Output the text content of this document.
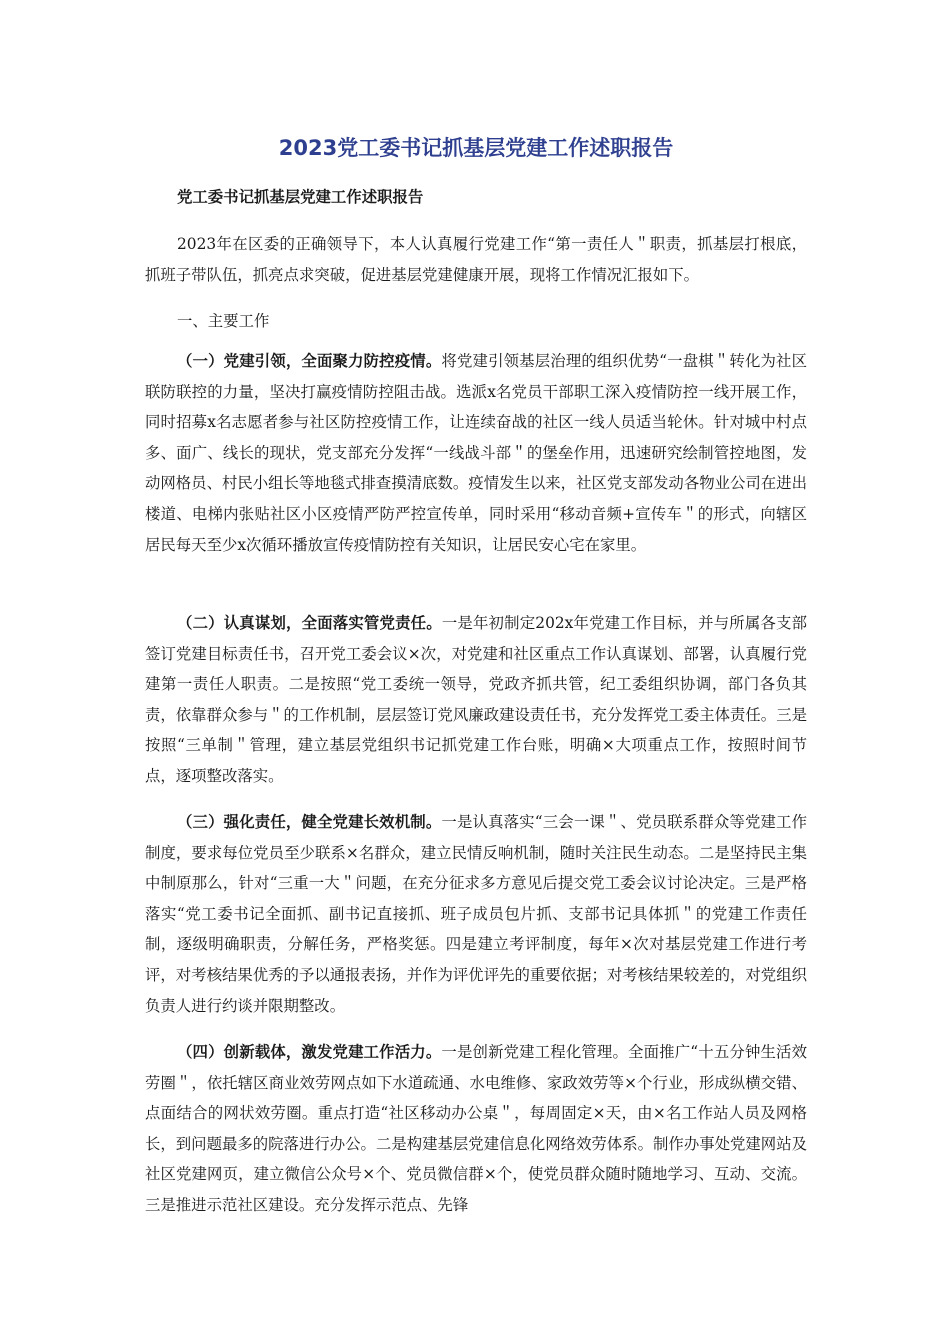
2023党工委书记抓基层党建工作述职报告

党工委书记抓基层党建工作述职报告

2023年在区委的正确领导下，本人认真履行党建工作“第一责任人＂职责，抓基层打根底，抓班子带队伍，抓亮点求突破，促进基层党建健康开展，现将工作情况汇报如下。

一、主要工作

（一）党建引领，全面聚力防控疫情。将党建引领基层治理的组织优势“一盘棋＂转化为社区联防联控的力量，坚决打赢疫情防控阻击战。选派x名党员干部职工深入疫情防控一线开展工作，同时招募x名志愿者参与社区防控疫情工作，让连续奋战的社区一线人员适当轮休。针对城中村点多、面广、线长的现状，党支部充分发挥“一线战斗部＂的堡垒作用，迅速研究绘制管控地图，发动网格员、村民小组长等地毯式排查摸清底数。疫情发生以来，社区党支部发动各物业公司在进出楼道、电梯内张贴社区小区疫情严防严控宣传单，同时采用“移动音频+宣传车＂的形式，向辖区居民每天至少x次循环播放宣传疫情防控有关知识，让居民安心宅在家里。

（二）认真谋划，全面落实管党责任。一是年初制定202x年党建工作目标，并与所属各支部签订党建目标责任书，召开党工委会议×次，对党建和社区重点工作认真谋划、部署，认真履行党建第一责任人职责。二是按照“党工委统一领导，党政齐抓共管，纪工委组织协调，部门各负其责，依靠群众参与＂的工作机制，层层签订党风廉政建设责任书，充分发挥党工委主体责任。三是按照“三单制＂管理，建立基层党组织书记抓党建工作台账，明确×大项重点工作，按照时间节点，逐项整改落实。

（三）强化责任，健全党建长效机制。一是认真落实“三会一课＂、党员联系群众等党建工作制度，要求每位党员至少联系×名群众，建立民情反响机制，随时关注民生动态。二是坚持民主集中制原那么，针对“三重一大＂问题，在充分征求多方意见后提交党工委会议讨论决定。三是严格落实“党工委书记全面抓、副书记直接抓、班子成员包片抓、支部书记具体抓＂的党建工作责任制，逐级明确职责，分解任务，严格奖惩。四是建立考评制度，每年×次对基层党建工作进行考评，对考核结果优秀的予以通报表扬，并作为评优评先的重要依据；对考核结果较差的，对党组织负责人进行约谈并限期整改。

（四）创新载体，激发党建工作活力。一是创新党建工程化管理。全面推广“十五分钟生活效劳圈＂，依托辖区商业效劳网点如下水道疏通、水电维修、家政效劳等×个行业，形成纵横交错、点面结合的网状效劳圈。重点打造“社区移动办公桌＂，每周固定×天，由×名工作站人员及网格长，到问题最多的院落进行办公。二是构建基层党建信息化网络效劳体系。制作办事处党建网站及社区党建网页，建立微信公众号×个、党员微信群×个，使党员群众随时随地学习、互动、交流。三是推进示范社区建设。充分发挥示范点、先锋
